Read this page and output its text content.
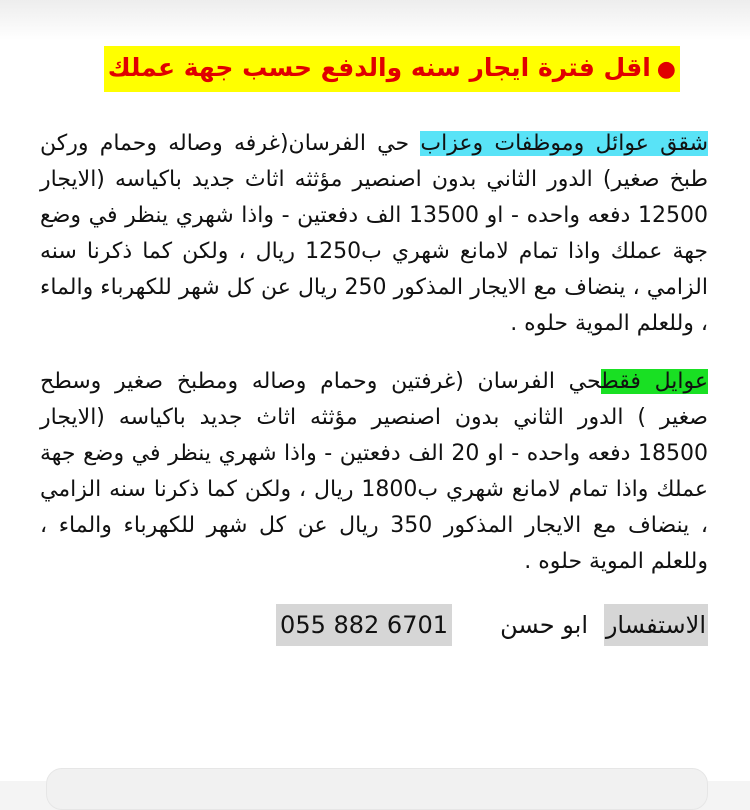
●اقل فترة ايجار سنه والدفع حسب جهة عملك

شقق عوائل وموظفات وعزاب حي الفرسان(غرفه وصاله وحمام وركن طبخ صغير) الدور الثاني بدون اصنصير مؤثثه اثاث جديد باكياسه (الايجار 12500 دفعه واحده - او 13500 الف دفعتين - واذا شهري ينظر في وضع جهة عملك واذا تمام لامانع شهري ب1250 ريال ، ولكن كما ذكرنا سنه الزامي ، ينضاف مع الايجار المذكور 250 ريال عن كل شهر للكهرباء والماء ، وللعلم الموية حلوه .

عوايل فقطحي الفرسان (غرفتين وحمام وصاله ومطبخ صغير وسطح صغير ) الدور الثاني بدون اصنصير مؤثثه اثاث جديد باكياسه (الايجار 18500 دفعه واحده - او 20 الف دفعتين - واذا شهري ينظر في وضع جهة عملك واذا تمام لامانع شهري ب1800 ريال ، ولكن كما ذكرنا سنه الزامي ، ينضاف مع الايجار المذكور 350 ريال عن كل شهر للكهرباء والماء ، وللعلم الموية حلوه .

الاستفسار
ابو حسن
055 882 6701
